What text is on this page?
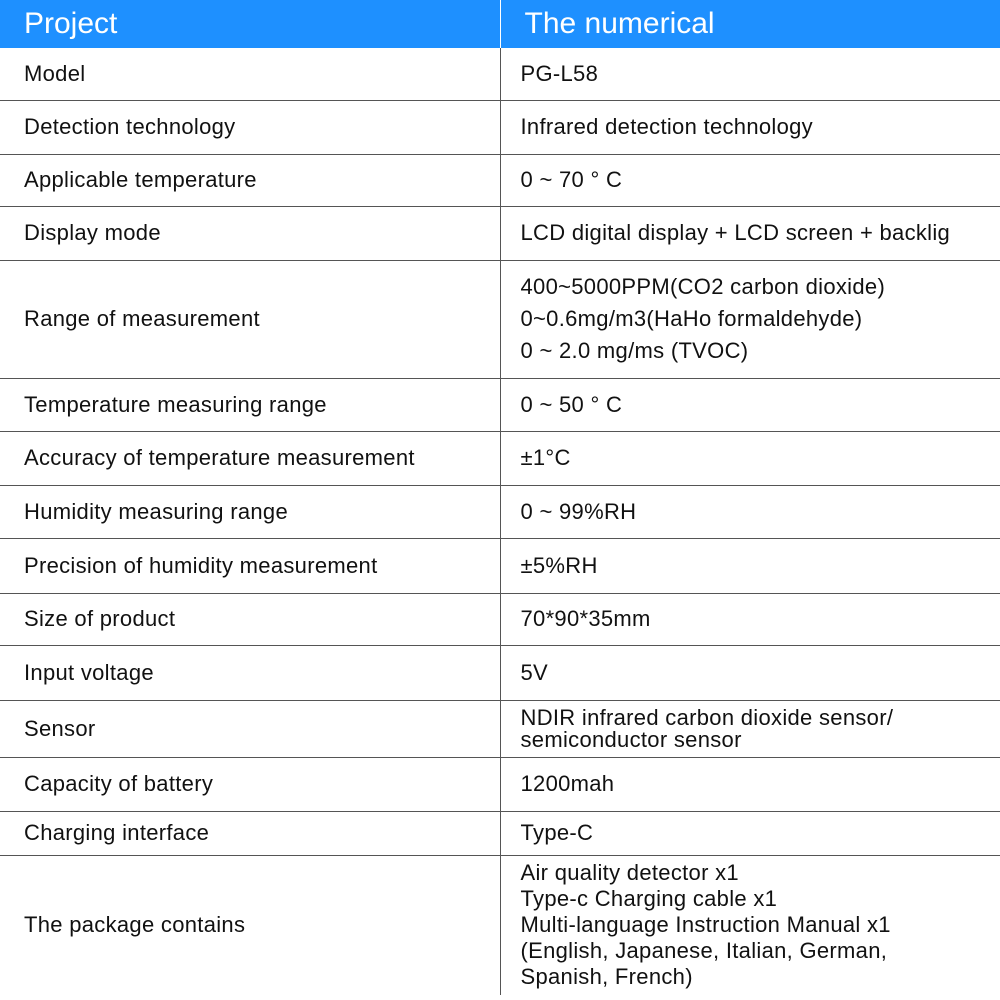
Project	The numerical
Model	PG-L58

Detection technology	Infrared detection technology

Applicable temperature	0 ~ 70 ° C

Display mode	LCD digital display + LCD screen + backlig

Range of measurement	400~5000PPM(CO2 carbon dioxide)
0~0.6mg/m3(HaHo formaldehyde)
0 ~ 2.0 mg/ms (TVOC)

Temperature measuring range	0 ~ 50 ° C

Accuracy of temperature measurement	±1°C

Humidity measuring range	0 ~ 99%RH

Precision of humidity measurement	±5%RH

Size of product	70*90*35mm

Input voltage	5V

Sensor	NDIR infrared carbon dioxide sensor/
semiconductor sensor

Capacity of battery	1200mah

Charging interface	Type-C

The package contains	Air quality detector x1
Type-c Charging cable x1
Multi-language Instruction Manual x1
(English, Japanese, Italian, German,
Spanish, French)
